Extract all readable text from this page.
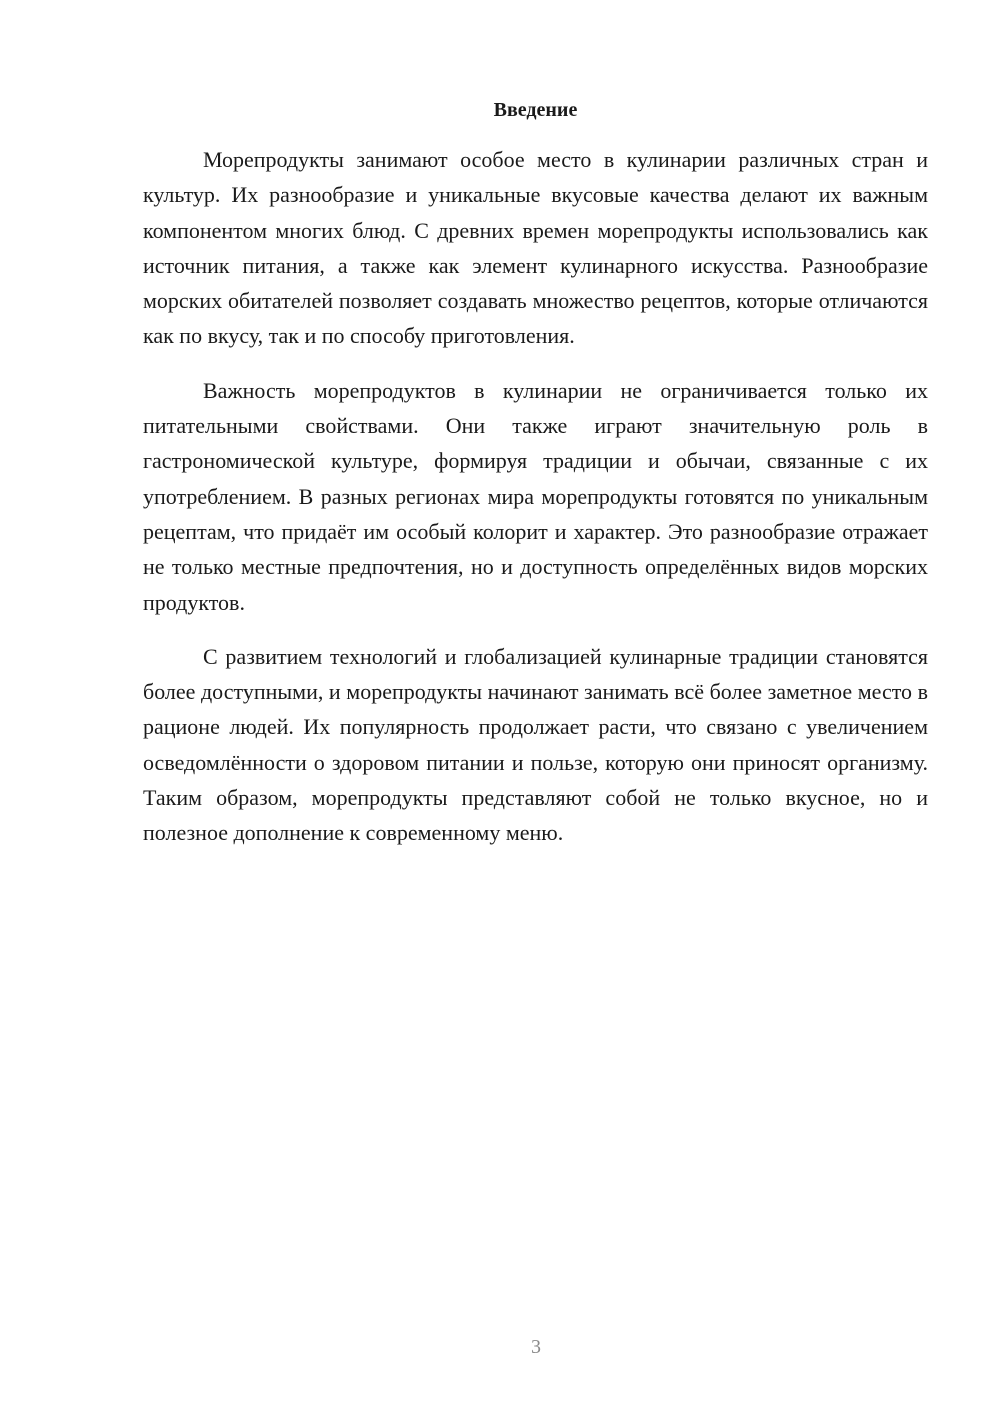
Введение

Морепродукты занимают особое место в кулинарии различных стран и культур. Их разнообразие и уникальные вкусовые качества делают их важным компонентом многих блюд. С древних времен морепродукты использовались как источник питания, а также как элемент кулинарного искусства. Разнообразие морских обитателей позволяет создавать множество рецептов, которые отличаются как по вкусу, так и по способу приготовления.

Важность морепродуктов в кулинарии не ограничивается только их питательными свойствами. Они также играют значительную роль в гастрономической культуре, формируя традиции и обычаи, связанные с их употреблением. В разных регионах мира морепродукты готовятся по уникальным рецептам, что придаёт им особый колорит и характер. Это разнообразие отражает не только местные предпочтения, но и доступность определённых видов морских продуктов.

С развитием технологий и глобализацией кулинарные традиции становятся более доступными, и морепродукты начинают занимать всё более заметное место в рационе людей. Их популярность продолжает расти, что связано с увеличением осведомлённости о здоровом питании и пользе, которую они приносят организму. Таким образом, морепродукты представляют собой не только вкусное, но и полезное дополнение к современному меню.

3
